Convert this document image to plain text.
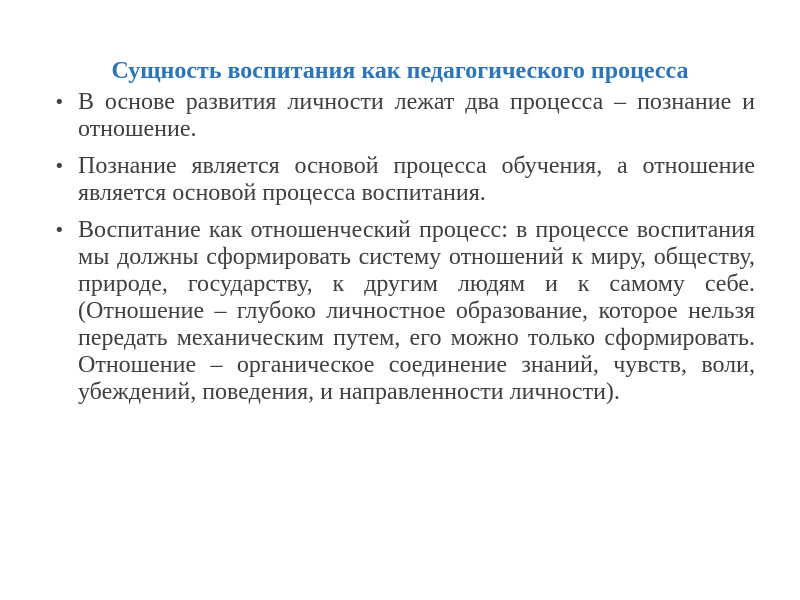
Сущность воспитания как педагогического процесса
• В основе развития личности лежат два процесса – познание и отношение.
• Познание является основой процесса обучения, а отношение является основой процесса воспитания.
• Воспитание как отношенческий процесс: в процессе воспитания мы должны сформировать систему отношений к миру, обществу, природе, государству, к другим людям и к самому себе. (Отношение – глубоко личностное образование, которое нельзя передать механическим путем, его можно только сформировать. Отношение – органическое соединение знаний, чувств, воли, убеждений, поведения, и направленности личности).
